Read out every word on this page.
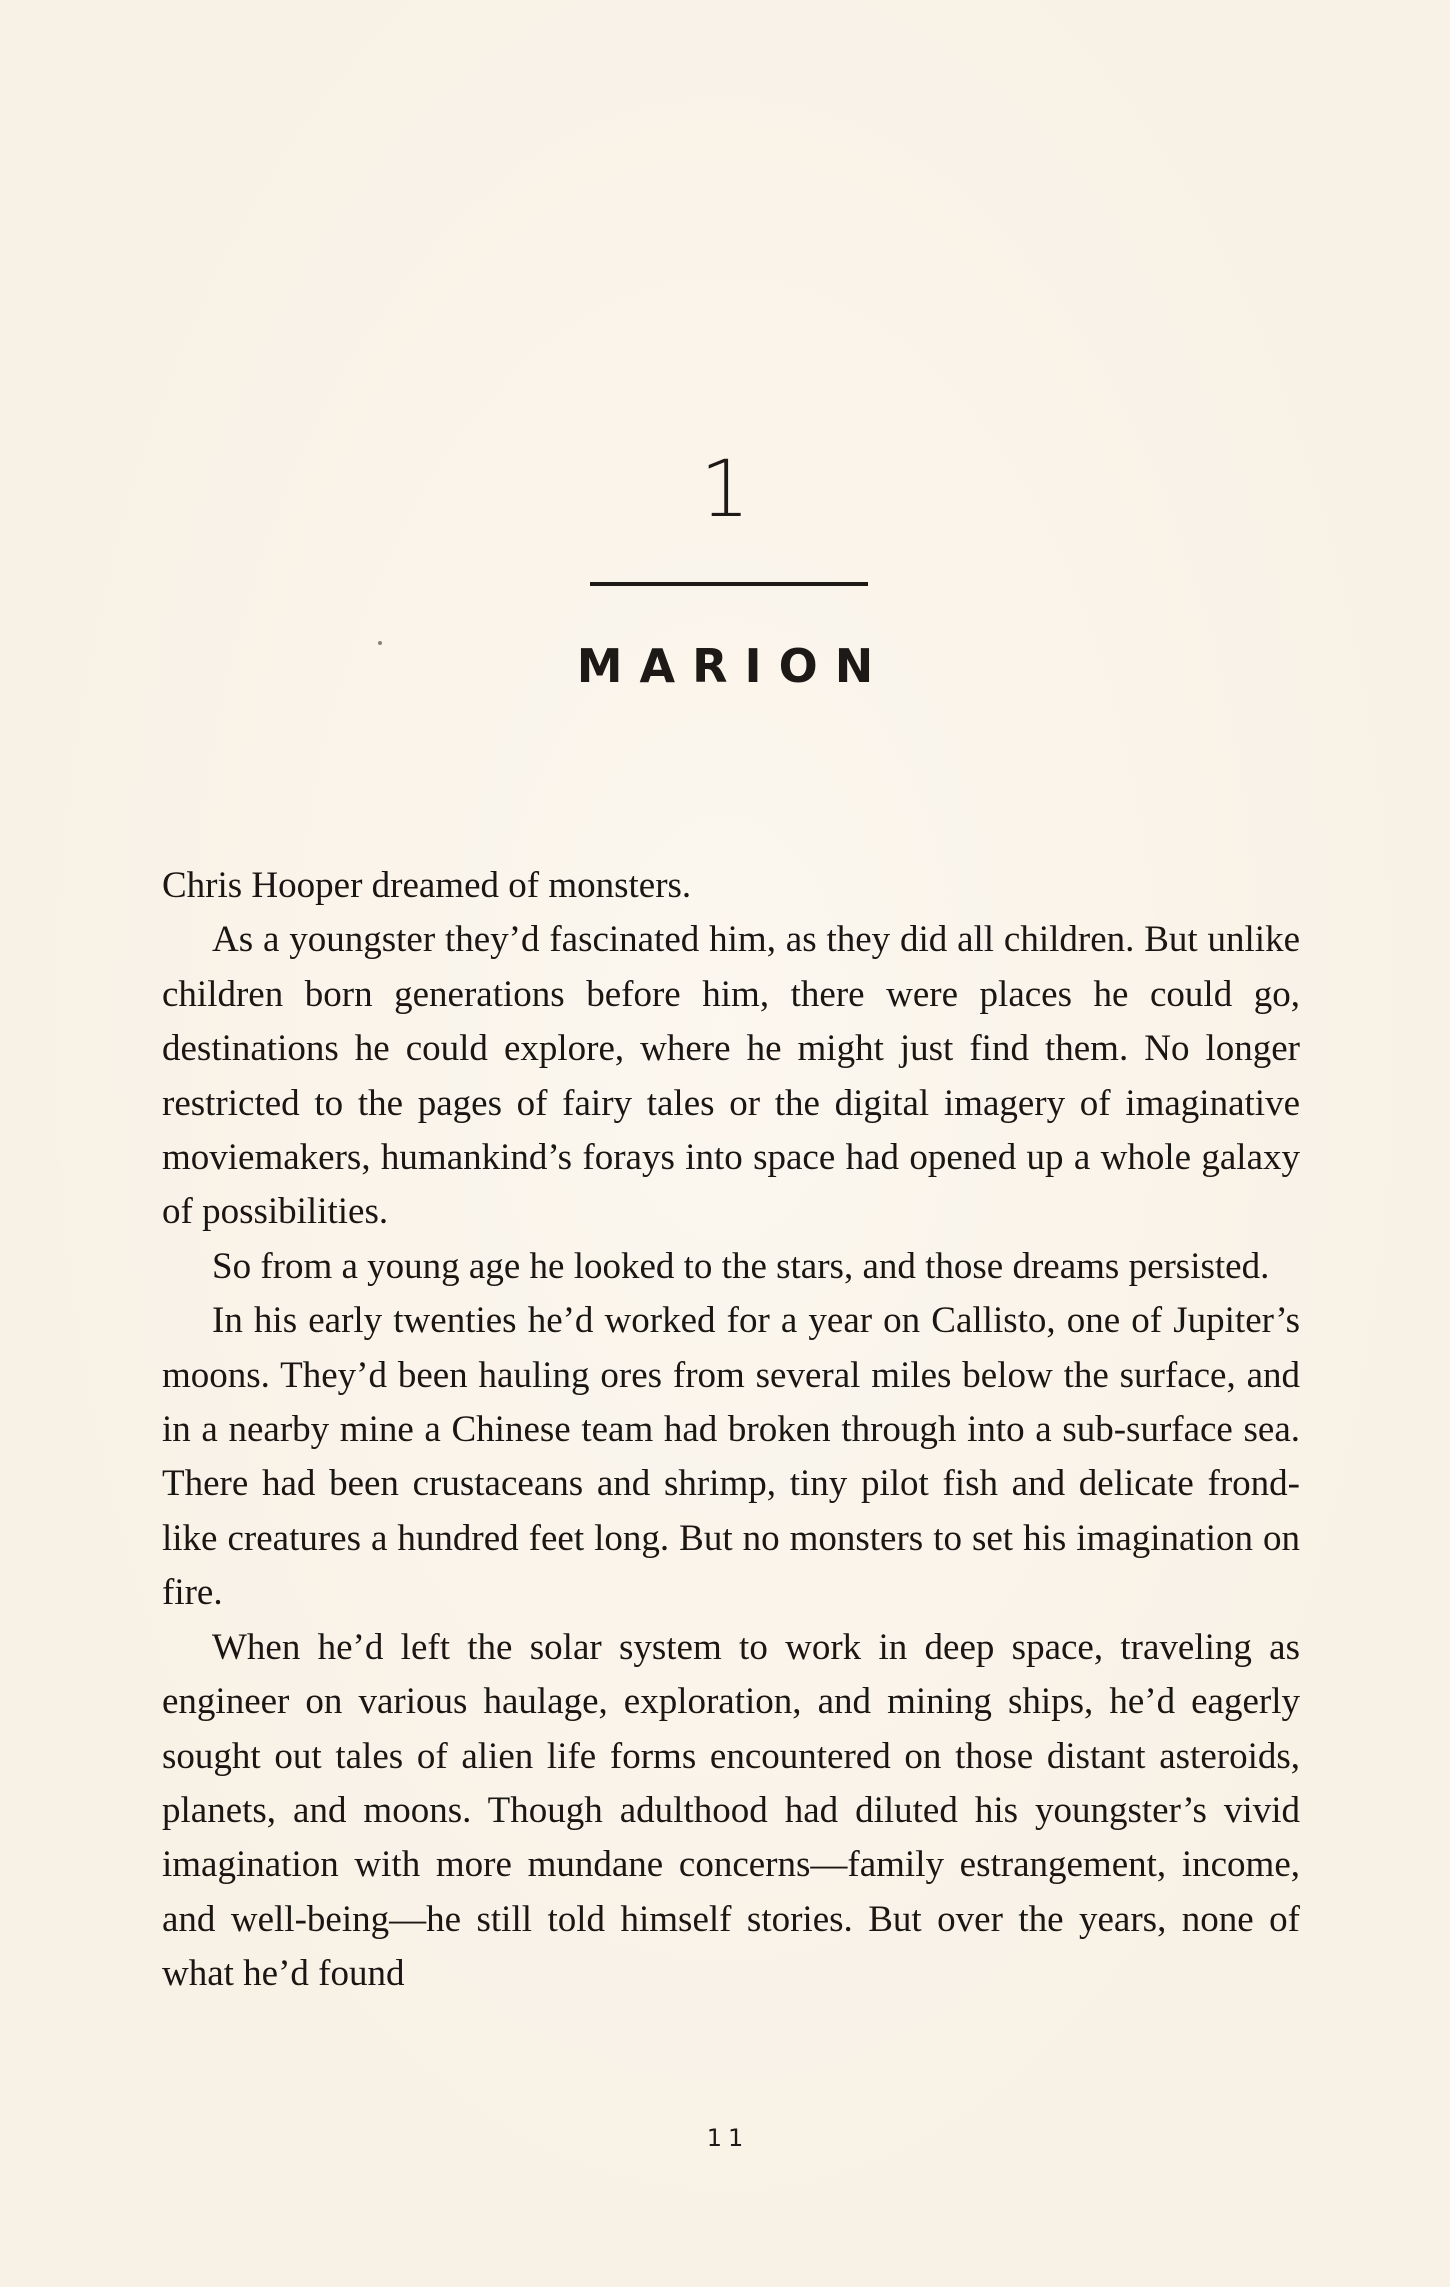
1
MARION

Chris Hooper dreamed of monsters.

As a youngster they’d fascinated him, as they did all children. But unlike children born generations before him, there were places he could go, destinations he could explore, where he might just find them. No longer restricted to the pages of fairy tales or the digital imagery of imaginative moviemakers, humankind’s forays into space had opened up a whole galaxy of possibilities.

So from a young age he looked to the stars, and those dreams persisted.

In his early twenties he’d worked for a year on Callisto, one of Jupiter’s moons. They’d been hauling ores from several miles below the surface, and in a nearby mine a Chinese team had broken through into a sub-surface sea. There had been crustaceans and shrimp, tiny pilot fish and delicate frond-like creatures a hundred feet long. But no monsters to set his imagination on fire.

When he’d left the solar system to work in deep space, traveling as engineer on various haulage, exploration, and mining ships, he’d eagerly sought out tales of alien life forms encountered on those distant asteroids, planets, and moons. Though adulthood had diluted his youngster’s vivid imagination with more mundane concerns—family estrangement, income, and well-being—he still told himself stories. But over the years, none of what he’d found

11
